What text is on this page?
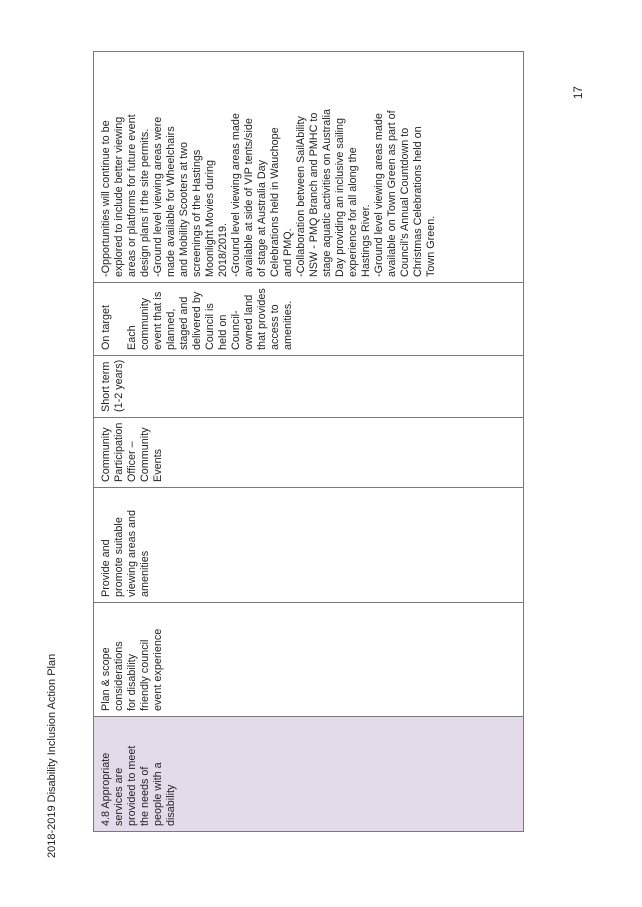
4.8 Appropriate services are provided to meet the needs of people with a disability

Plan & scope considerations for disability friendly council event experience

Provide and promote suitable viewing areas and amenities

Community Participation Officer – Community Events

Short term (1-2 years)

On target
Each community event that is planned, staged and delivered by Council is held on Council- owned land that provides access to amenities.

-Opportunities will continue to be explored to include better viewing areas or platforms for future event design plans if the site permits. -Ground level viewing areas were made available for Wheelchairs and Mobility Scooters at two screenings of the Hastings Moonlight Movies during 2018/2019. -Ground level viewing areas made available at side of VIP tents/side of stage at Australia Day Celebrations held in Wauchope and PMQ. -Collaboration between SailAbility NSW - PMQ Branch and PMHC to stage aquatic activities on Australia Day providing an inclusive sailing experience for all along the Hastings River. -Ground level viewing areas made available on Town Green as part of Council’s Annual Countdown to Christmas Celebrations held on Town Green.
2018-2019 Disability Inclusion Action Plan
17
